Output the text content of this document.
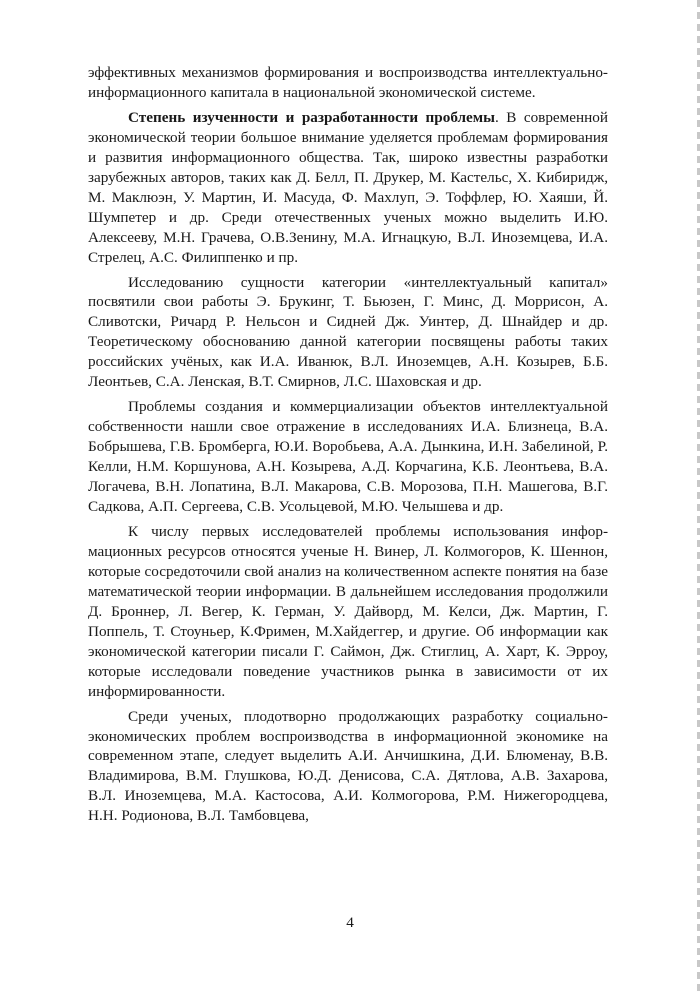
эффективных механизмов формирования и воспроизводства интеллектуально-информационного капитала в национальной экономической системе.

Степень изученности и разработанности проблемы. В современной экономической теории большое внимание уделяется проблемам формирования и развития информационного общества. Так, широко известны разработки зарубежных авторов, таких как Д. Белл, П. Друкер, М. Кастельс, Х. Кибиридж, М. Маклюэн, У. Мартин, И. Масуда, Ф. Махлуп, Э. Тоффлер, Ю. Хаяши, Й. Шумпетер и др. Среди отечественных ученых можно выделить И.Ю. Алексееву, М.Н. Грачева, О.В.Зенину, М.А. Игнацкую, В.Л. Иноземцева, И.А. Стрелец, А.С. Филиппенко и пр.

Исследованию сущности категории «интеллектуальный капитал» посвятили свои работы Э. Брукинг, Т. Бьюзен, Г. Минс, Д. Моррисон, А. Сливотски, Ричард Р. Нельсон и Сидней Дж. Уинтер, Д. Шнайдер и др. Теоретическому обоснованию данной категории посвящены работы таких российских учёных, как И.А. Иванюк, В.Л. Иноземцев, А.Н. Козырев, Б.Б. Леонтьев, С.А. Ленская, В.Т. Смирнов, Л.С. Шаховская и др.

Проблемы создания и коммерциализации объектов интеллектуальной собственности нашли свое отражение в исследованиях И.А. Близнеца, В.А. Бобрышева, Г.В. Бромберга, Ю.И. Воробьева, А.А. Дынкина, И.Н. Забелиной, Р. Келли, Н.М. Коршунова, А.Н. Козырева, А.Д. Корчагина, К.Б. Леонтьева, В.А. Логачева, В.Н. Лопатина, В.Л. Макарова, С.В. Морозова, П.Н. Машегова, В.Г. Садкова, А.П. Сергеева, С.В. Усольцевой, М.Ю. Челышева и др.

К числу первых исследователей проблемы использования информационных ресурсов относятся ученые Н. Винер, Л. Колмогоров, К. Шеннон, которые сосредоточили свой анализ на количественном аспекте понятия на базе математической теории информации. В дальнейшем исследования продолжили Д. Броннер, Л. Вегер, К. Герман, У. Дайворд, М. Келси, Дж. Мартин, Г. Поппель, Т. Стоуньер, К.Фримен, М.Хайдеггер, и другие. Об информации как экономической категории писали Г. Саймон, Дж. Стиглиц, А. Харт, К. Эрроу, которые исследовали поведение участников рынка в зависимости от их информированности.

Среди ученых, плодотворно продолжающих разработку социально-экономических проблем воспроизводства в информационной экономике на современном этапе, следует выделить А.И. Анчишкина, Д.И. Блюменау, В.В. Владимирова, В.М. Глушкова, Ю.Д. Денисова, С.А. Дятлова, А.В. Захарова, В.Л. Иноземцева, М.А. Кастосова, А.И. Колмогорова, Р.М. Нижегородцева, Н.Н. Родионова, В.Л. Тамбовцева,

4
